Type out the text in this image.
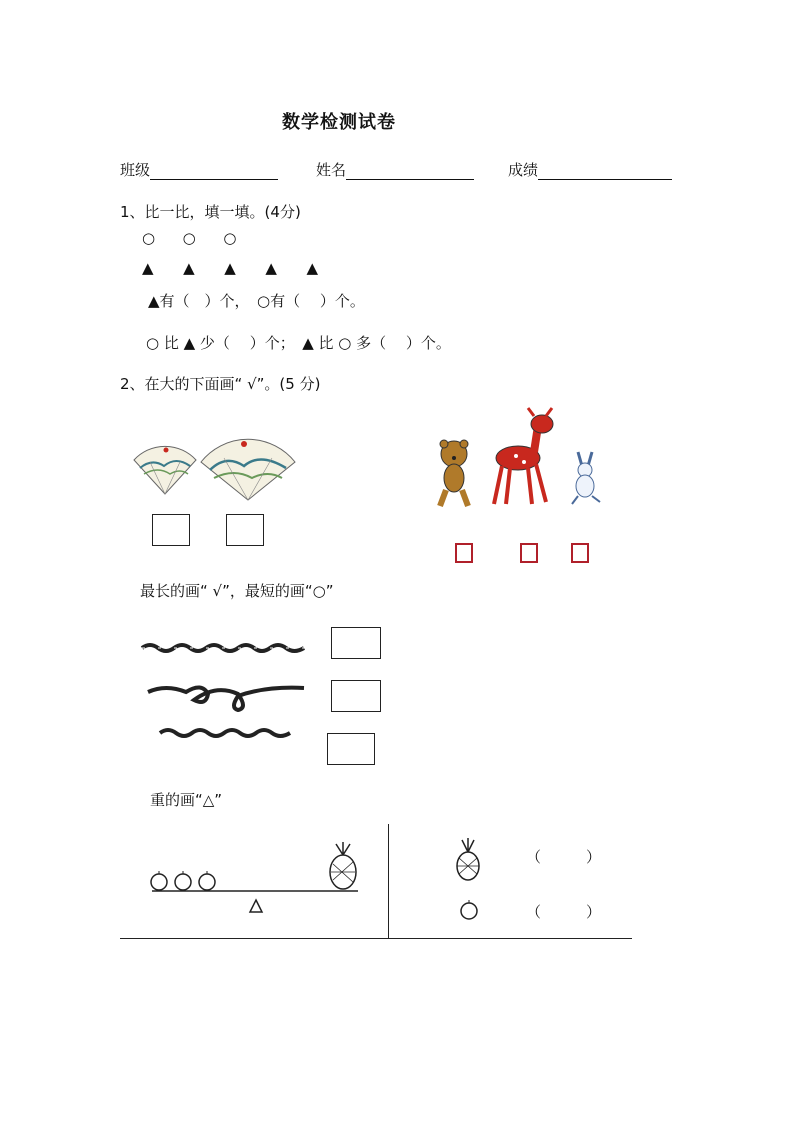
数学检测试卷
班级	姓名	成绩
1、比一比，填一填。(4分)
○ ○ ○
▲ ▲ ▲ ▲ ▲
▲有（　）个，　○有（　 ）个。
○ 比 ▲ 少（　 ）个；　▲ 比 ○ 多（　 ）个。
2、在大的下面画“ √”。(5 分)
最长的画“ √”，最短的画“○”
重的画“△”
（　　　）
（　　　）
